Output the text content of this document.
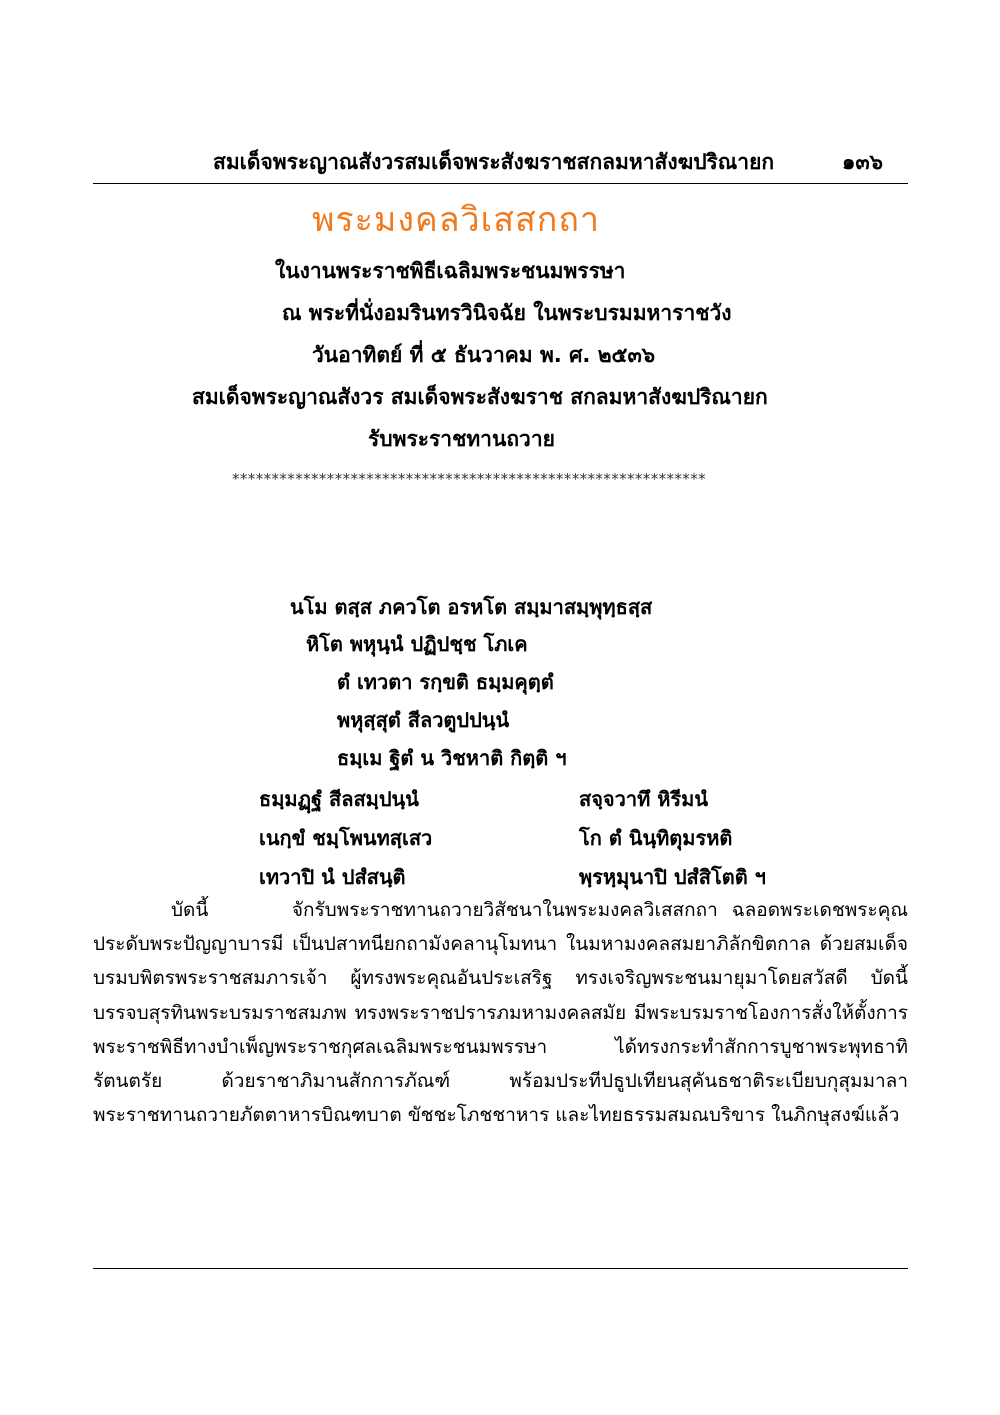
สมเด็จพระญาณสังวรสมเด็จพระสังฆราชสกลมหาสังฆปริณายก	๑๓๖
พระมงคลวิเสสกถา
ในงานพระราชพิธีเฉลิมพระชนมพรรษา
ณ พระที่นั่งอมรินทรวินิจฉัย ในพระบรมมหาราชวัง
วันอาทิตย์ ที่ ๕ ธันวาคม พ. ศ. ๒๕๓๖
สมเด็จพระญาณสังวร สมเด็จพระสังฆราช สกลมหาสังฆปริณายก
รับพระราชทานถวาย
************************************************************
นโม ตสฺส ภควโต อรหโต สมฺมาสมฺพุทฺธสฺส
หิโต พหุนฺนํ ปฏิปชฺช โภเค
ตํ เทวตา รกฺขติ ธมฺมคุตฺตํ
พหุสฺสุตํ สีลวตูปปนฺนํ
ธมฺเม ฐิตํ น วิชหาติ กิตฺติ ฯ
ธมฺมฏฺฐํ สีลสมฺปนฺนํ	สจฺจวาทึ หิรีมนํ
เนกฺขํ ชมฺโพนทสฺเสว	โก ตํ นินฺทิตุมรหติ
เทวาปิ นํ ปสํสนฺติ	พฺรหฺมุนาปิ ปสํสิโตติ ฯ
บัดนี้	จักรับพระราชทานถวายวิสัชนาในพระมงคลวิเสสกถา ฉลอดพระเดชพระคุณประดับพระปัญญาบารมี เป็นปสาทนียกถามังคลานุโมทนา ในมหามงคลสมยาภิลักขิตกาล ด้วยสมเด็จบรมบพิตรพระราชสมภารเจ้า ผู้ทรงพระคุณอันประเสริฐ ทรงเจริญพระชนมายุมาโดยสวัสดี บัดนี้ บรรจบสุรทินพระบรมราชสมภพ ทรงพระราชปรารภมหามงคลสมัย มีพระบรมราชโองการสั่งให้ตั้งการพระราชพิธีทางบำเพ็ญพระราชกุศลเฉลิมพระชนมพรรษา ได้ทรงกระทำสักการบูชาพระพุทธาทิรัตนตรัย ด้วยราชาภิมานสักการภัณฑ์ พร้อมประทีปธูปเทียนสุคันธชาติระเบียบกุสุมมาลา พระราชทานถวายภัตตาหารบิณฑบาต ขัชชะโภชชาหาร และไทยธรรมสมณบริขาร ในภิกษุสงฆ์แล้ว
